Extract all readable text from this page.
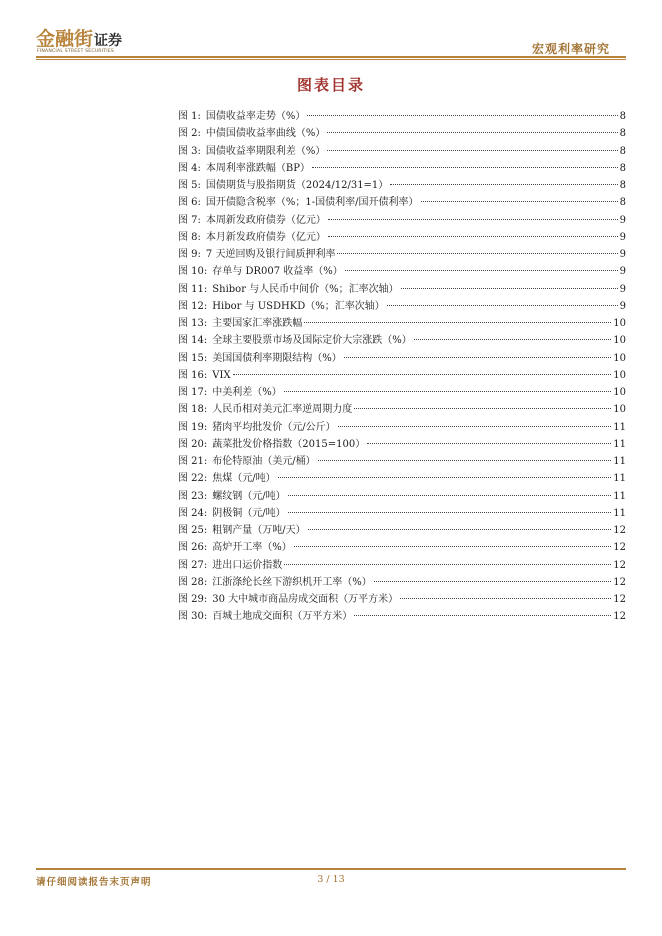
金融街证券
FINANCIAL STREET SECURITIES	宏观利率研究
图表目录
图 1: 国债收益率走势（%）	8
图 2: 中债国债收益率曲线（%）	8
图 3: 国债收益率期限利差（%）	8
图 4: 本周利率涨跌幅（BP）	8
图 5: 国债期货与股指期货（2024/12/31=1）	8
图 6: 国开债隐含税率（%；1-国债利率/国开债利率）	8
图 7: 本周新发政府债券（亿元）	9
图 8: 本月新发政府债券（亿元）	9
图 9: 7 天逆回购及银行间质押利率	9
图 10: 存单与 DR007 收益率（%）	9
图 11: Shibor 与人民币中间价（%；汇率次轴）	9
图 12: Hibor 与 USDHKD（%；汇率次轴）	9
图 13: 主要国家汇率涨跌幅	10
图 14: 全球主要股票市场及国际定价大宗涨跌（%）	10
图 15: 美国国债利率期限结构（%）	10
图 16: VIX	10
图 17: 中美利差（%）	10
图 18: 人民币相对美元汇率逆周期力度	10
图 19: 猪肉平均批发价（元/公斤）	11
图 20: 蔬菜批发价格指数（2015=100）	11
图 21: 布伦特原油（美元/桶）	11
图 22: 焦煤（元/吨）	11
图 23: 螺纹钢（元/吨）	11
图 24: 阴极铜（元/吨）	11
图 25: 粗钢产量（万吨/天）	12
图 26: 高炉开工率（%）	12
图 27: 进出口运价指数	12
图 28: 江浙涤纶长丝下游织机开工率（%）	12
图 29: 30 大中城市商品房成交面积（万平方米）	12
图 30: 百城土地成交面积（万平方米）	12
请仔细阅读报告末页声明	3 / 13
